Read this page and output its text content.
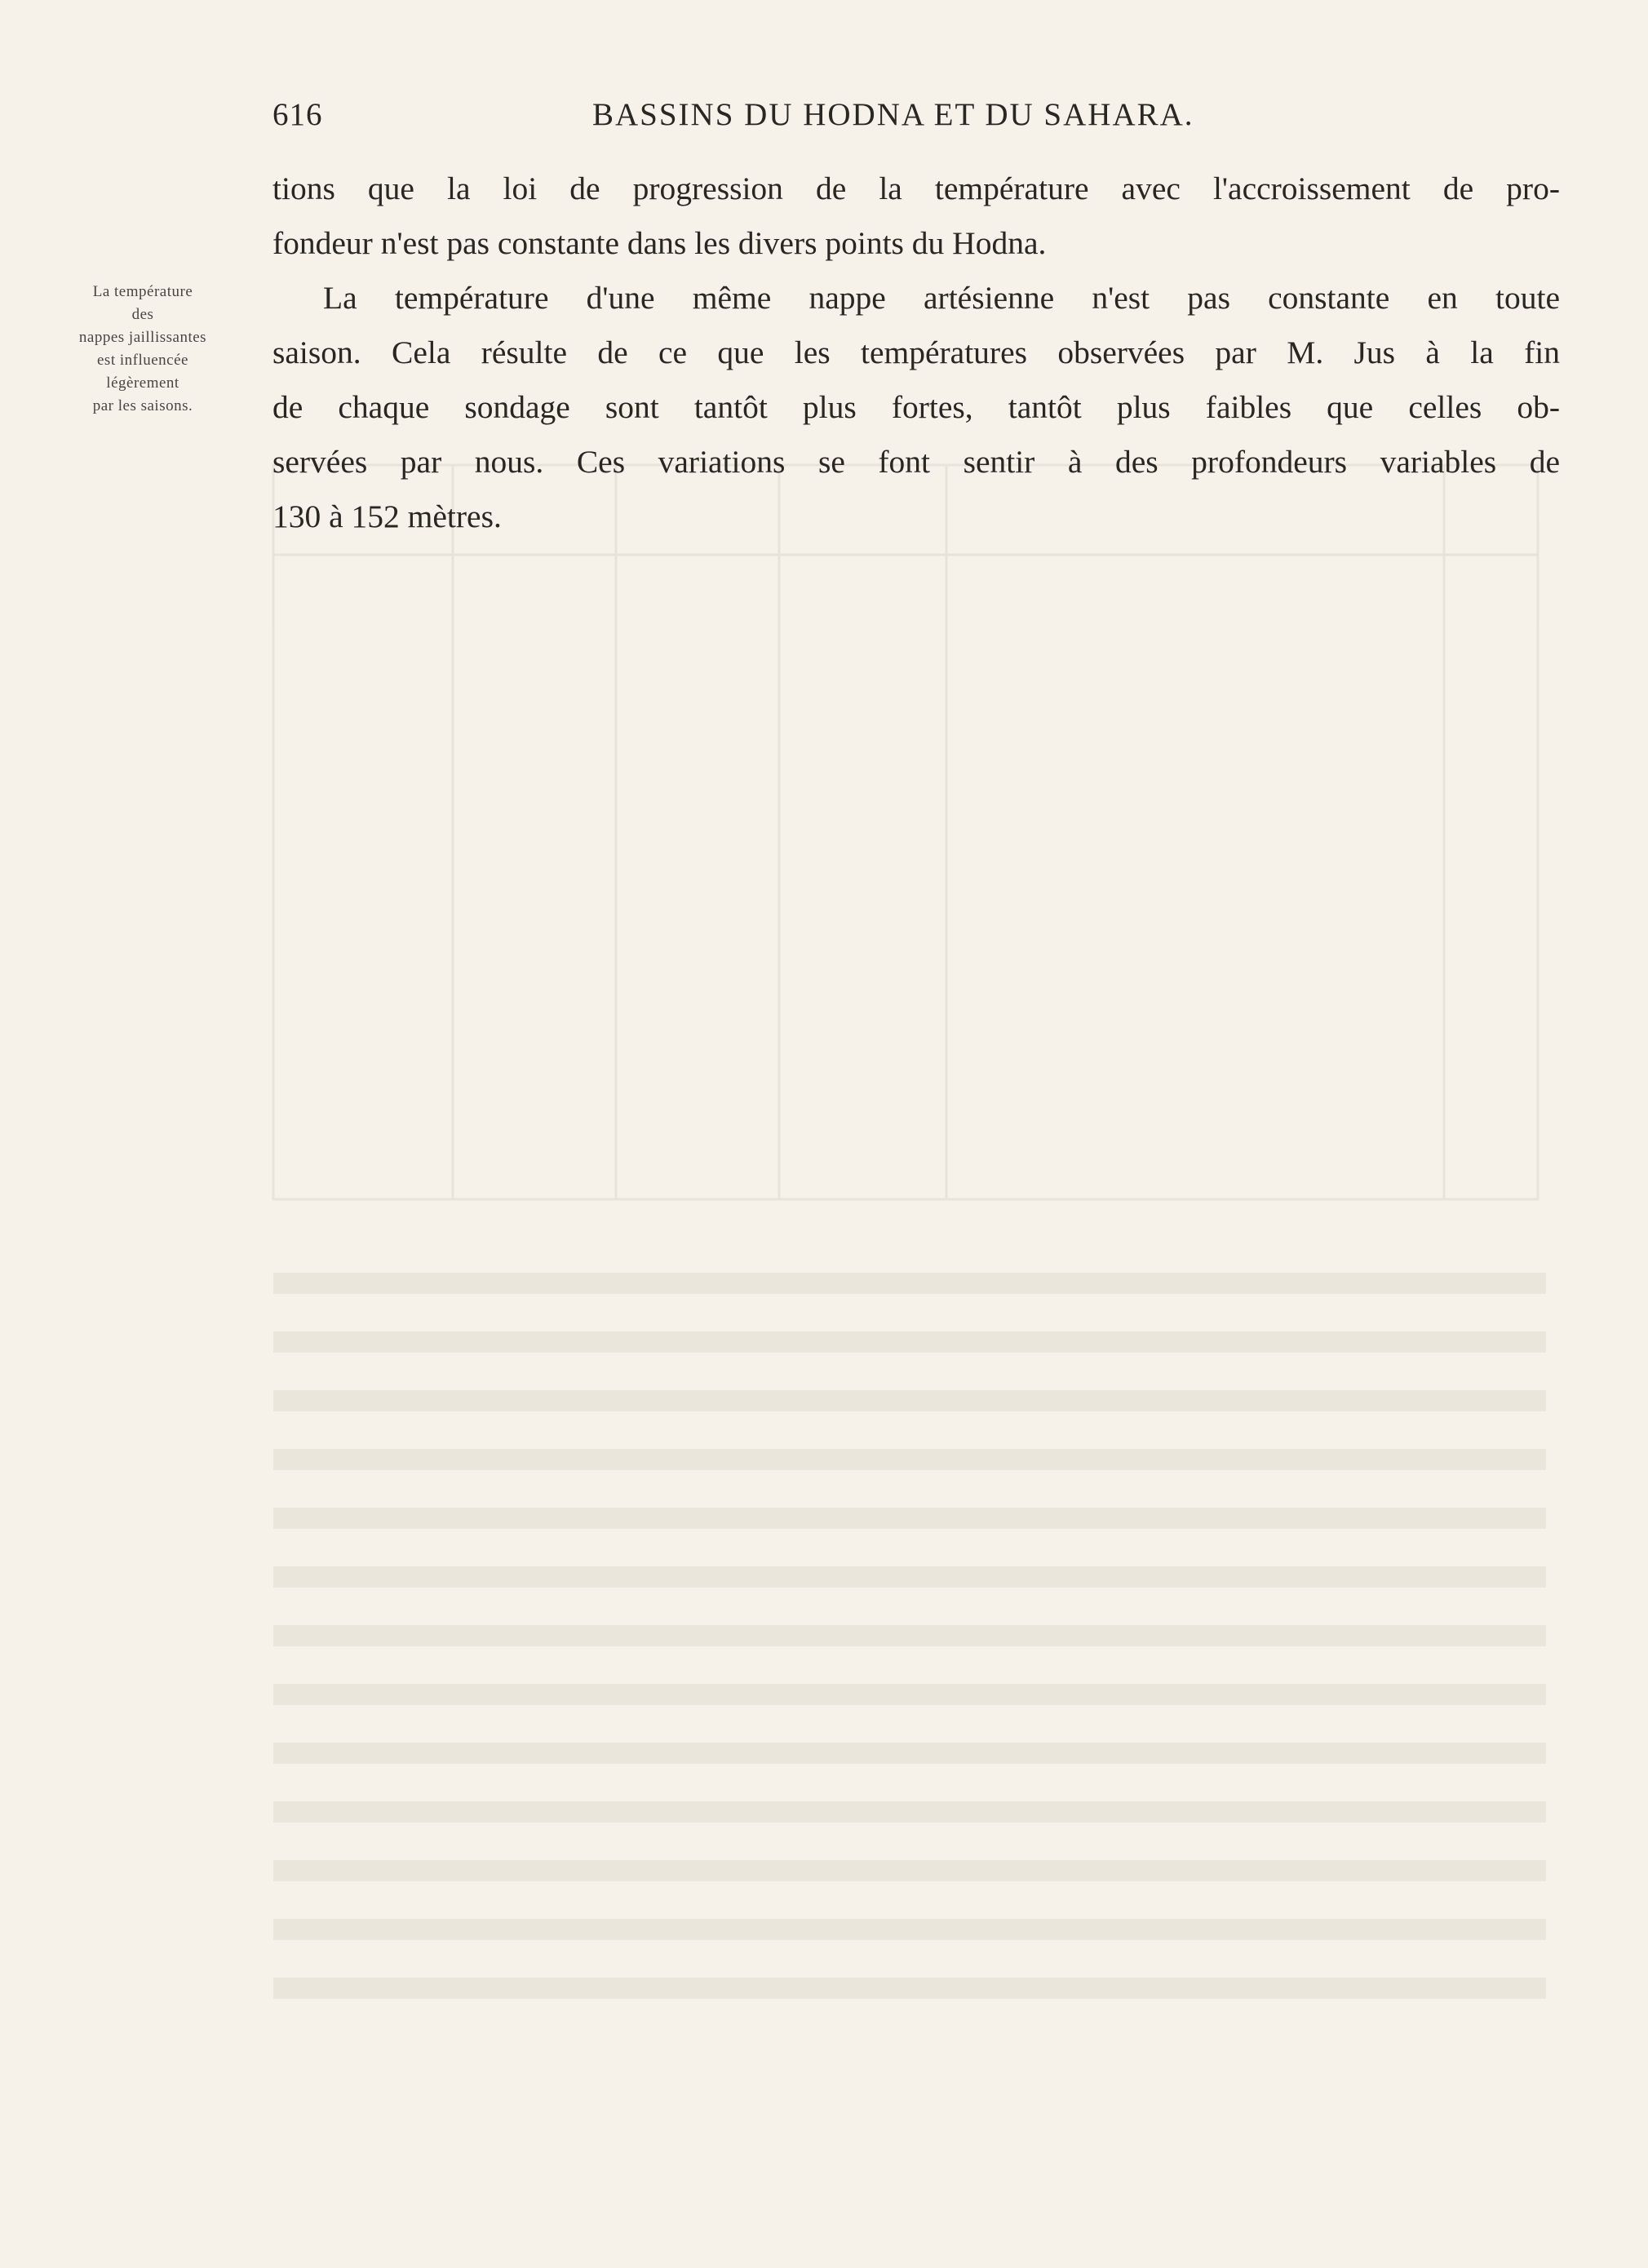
616	BASSINS DU HODNA ET DU SAHARA.
La température
des
nappes jaillissantes
est influencée
légèrement
par les saisons.
tions que la loi de progression de la température avec l'accroissement de pro-
fondeur n'est pas constante dans les divers points du Hodna.
La température d'une même nappe artésienne n'est pas constante en toute
saison. Cela résulte de ce que les températures observées par M. Jus à la fin
de chaque sondage sont tantôt plus fortes, tantôt plus faibles que celles ob-
servées par nous. Ces variations se font sentir à des profondeurs variables de
130 à 152 mètres.
